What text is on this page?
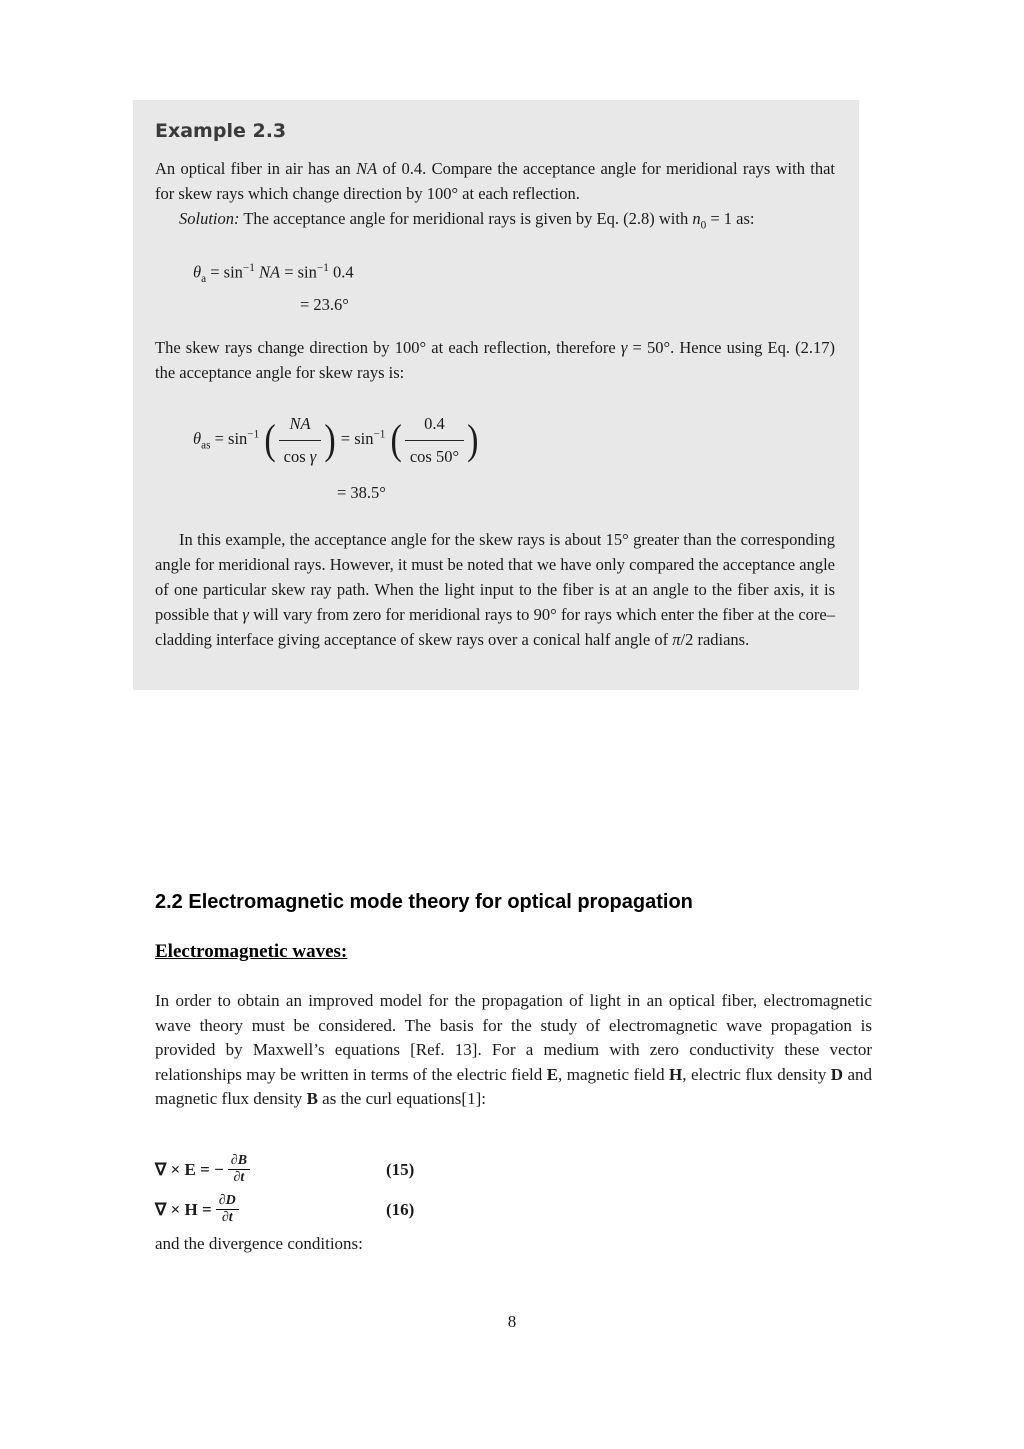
Example 2.3

An optical fiber in air has an NA of 0.4. Compare the acceptance angle for meridional rays with that for skew rays which change direction by 100° at each reflection.

Solution: The acceptance angle for meridional rays is given by Eq. (2.8) with $n_0 = 1$ as:

$\theta_a = \sin^{-1}$ NA = $\sin^{-1} 0.4$
= 23.6°

The skew rays change direction by 100° at each reflection, therefore γ = 50°. Hence using Eq. (2.17) the acceptance angle for skew rays is:

$\theta_{as} = \sin^{-1}$ ( $\frac{NA}{\text{cos γ}}$ ) = $\sin^{-1}$ ( $\frac{0.4}{\cos 50^\circ}$ )
= 38.5°

In this example, the acceptance angle for the skew rays is about 15° greater than the corresponding angle for meridional rays. However, it must be noted that we have only compared the acceptance angle of one particular skew ray path. When the light input to the fiber is at an angle to the fiber axis, it is possible that γ will vary from zero for meridional rays to 90° for rays which enter the fiber at the core–cladding interface giving acceptance of skew rays over a conical half angle of π/2 radians.

2.2 Electromagnetic mode theory for optical propagation
Electromagnetic waves:

In order to obtain an improved model for the propagation of light in an optical fiber, electromagnetic wave theory must be considered. The basis for the study of electromagnetic wave propagation is provided by Maxwell’s equations [Ref. 13]. For a medium with zero conductivity these vector relationships may be written in terms of the electric field E, magnetic field H, electric flux density D and magnetic flux density B as the curl equations[1]:

∇ × E = − $\frac{\partial B}{\partial t}$	(15)
∇ × $H = \frac{\partial D}{\partial t}$	(16)
and the divergence conditions:
8
